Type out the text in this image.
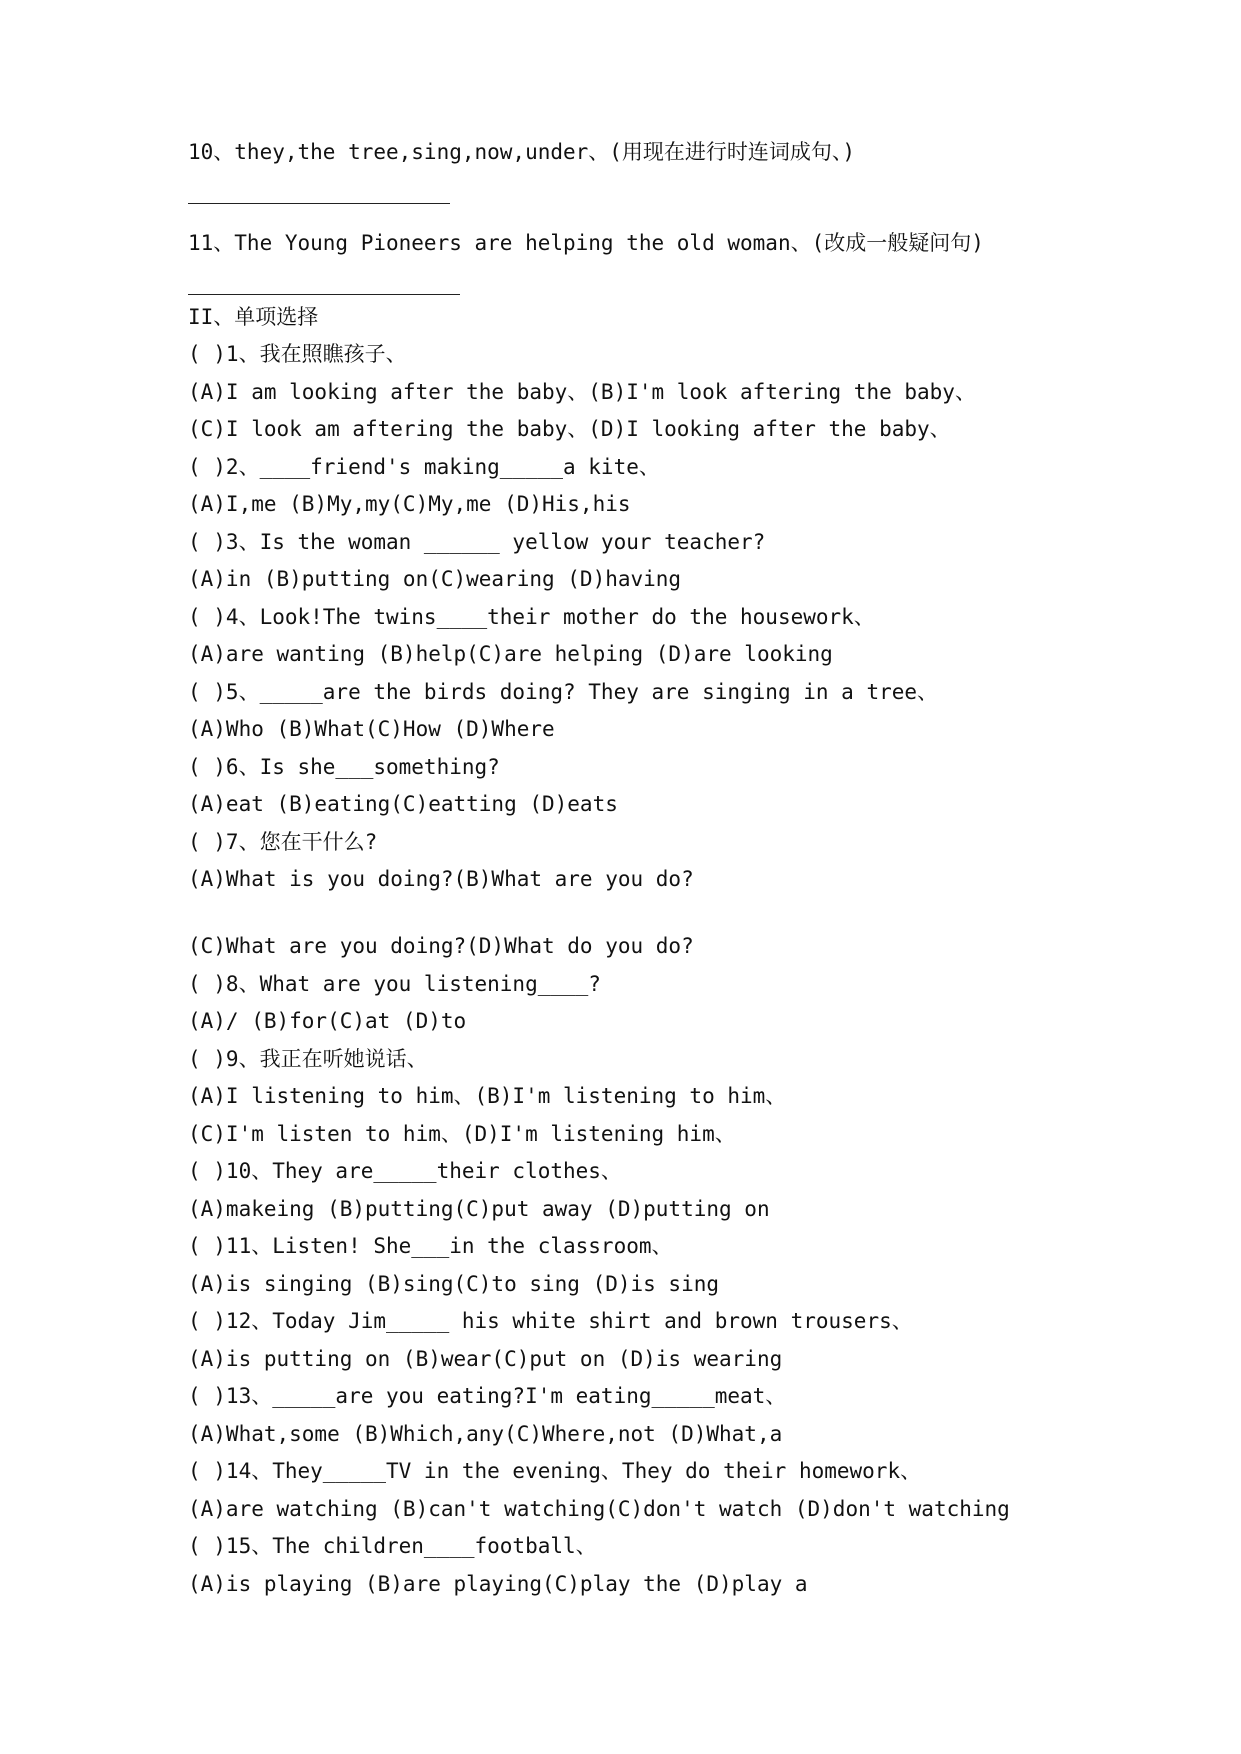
10、they,the tree,sing,now,under、(用现在进行时连词成句、)
11、The Young Pioneers are helping the old woman、(改成一般疑问句)
II、单项选择
( )1、我在照瞧孩子、
(A)I am looking after the baby、(B)I'm look aftering the baby、
(C)I look am aftering the baby、(D)I looking after the baby、
( )2、____friend's making_____a kite、
(A)I,me (B)My,my(C)My,me (D)His,his
( )3、Is the woman ______ yellow your teacher?
(A)in (B)putting on(C)wearing (D)having
( )4、Look!The twins____their mother do the housework、
(A)are wanting (B)help(C)are helping (D)are looking
( )5、_____are the birds doing? They are singing in a tree、
(A)Who (B)What(C)How (D)Where
( )6、Is she___something?
(A)eat (B)eating(C)eatting (D)eats
( )7、您在干什么?
(A)What is you doing?(B)What are you do?
(C)What are you doing?(D)What do you do?
( )8、What are you listening____?
(A)/ (B)for(C)at (D)to
( )9、我正在听她说话、
(A)I listening to him、(B)I'm listening to him、
(C)I'm listen to him、(D)I'm listening him、
( )10、They are_____their clothes、
(A)makeing (B)putting(C)put away (D)putting on
( )11、Listen! She___in the classroom、
(A)is singing (B)sing(C)to sing (D)is sing
( )12、Today Jim_____ his white shirt and brown trousers、
(A)is putting on (B)wear(C)put on (D)is wearing
( )13、_____are you eating?I'm eating_____meat、
(A)What,some (B)Which,any(C)Where,not (D)What,a
( )14、They_____TV in the evening、They do their homework、
(A)are watching (B)can't watching(C)don't watch (D)don't watching
( )15、The children____football、
(A)is playing (B)are playing(C)play the (D)play a
